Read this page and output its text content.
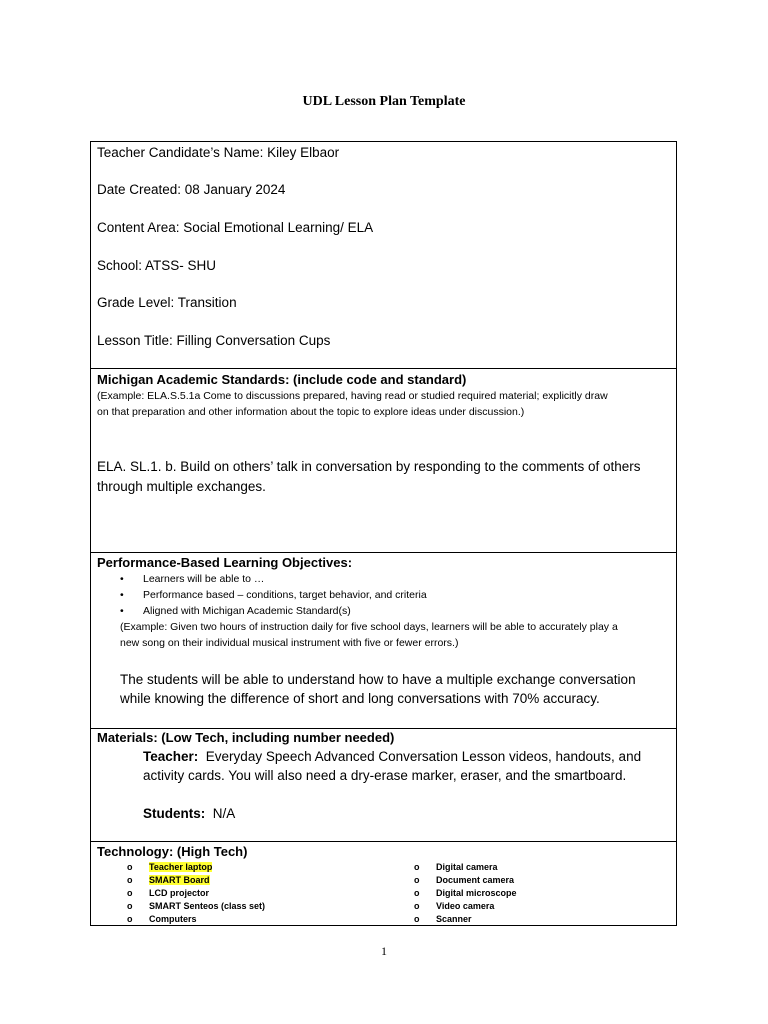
UDL Lesson Plan Template
Teacher Candidate’s Name: Kiley Elbaor
Date Created: 08 January 2024
Content Area: Social Emotional Learning/ ELA
School: ATSS- SHU
Grade Level: Transition
Lesson Title: Filling Conversation Cups
Michigan Academic Standards: (include code and standard)
(Example: ELA.S.5.1a Come to discussions prepared, having read or studied required material; explicitly draw
on that preparation and other information about the topic to explore ideas under discussion.)
ELA. SL.1. b. Build on others’ talk in conversation by responding to the comments of others
through multiple exchanges.
Performance-Based Learning Objectives:
• Learners will be able to …
• Performance based – conditions, target behavior, and criteria
• Aligned with Michigan Academic Standard(s)
(Example: Given two hours of instruction daily for five school days, learners will be able to accurately play a
new song on their individual musical instrument with five or fewer errors.)
The students will be able to understand how to have a multiple exchange conversation
while knowing the difference of short and long conversations with 70% accuracy.
Materials: (Low Tech, including number needed)
Teacher: Everyday Speech Advanced Conversation Lesson videos, handouts, and
activity cards. You will also need a dry-erase marker, eraser, and the smartboard.
Students: N/A
Technology: (High Tech)
o Teacher laptop
o SMART Board
o LCD projector
o SMART Senteos (class set)
o Computers
o Digital camera
o Document camera
o Digital microscope
o Video camera
o Scanner
1
